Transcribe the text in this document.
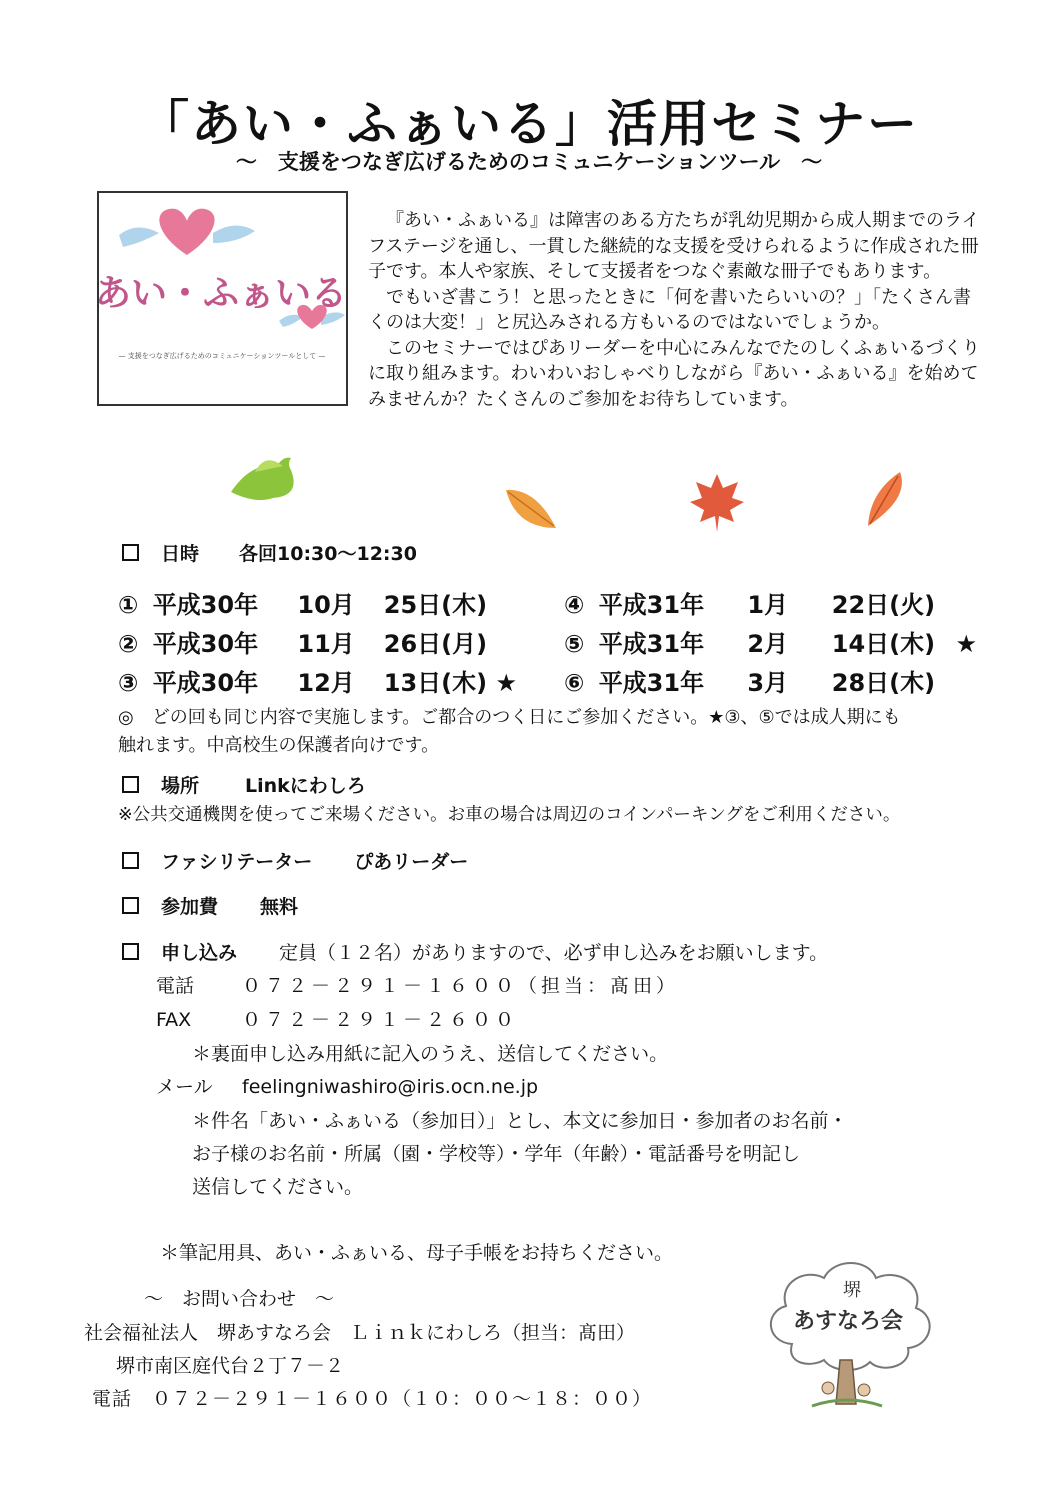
「あい・ふぁいる」活用セミナー
～　支援をつなぎ広げるためのコミュニケーションツール　～
あい・ふぁいる
— 支援をつなぎ広げるためのコミュニケーションツールとして —

『あい・ふぁいる』は障害のある方たちが乳幼児期から成人期までのライフステージを通し、一貫した継続的な支援を受けられるように作成された冊子です。本人や家族、そして支援者をつなぐ素敵な冊子でもあります。

でもいざ書こう！と思ったときに「何を書いたらいいの？」「たくさん書くのは大変！」と尻込みされる方もいるのではないでしょうか。

このセミナーではぴあリーダーを中心にみんなでたのしくふぁいるづくりに取り組みます。わいわいおしゃべりしながら『あい・ふぁいる』を始めてみませんか？たくさんのご参加をお待ちしています。

日時 各回10:30～12:30
① 平成30年 10月 25日(木)
② 平成30年 11月 26日(月)
③ 平成30年 12月 13日(木) ★
④ 平成31年 1月 22日(火)
⑤ 平成31年 2月 14日(木) ★
⑥ 平成31年 3月 28日(木)
◎　どの回も同じ内容で実施します。ご都合のつく日にご参加ください。★③、⑤では成人期にも
触れます。中高校生の保護者向けです。
場所 Linkにわしろ
※公共交通機関を使ってご来場ください。お車の場合は周辺のコインパーキングをご利用ください。
ファシリテーター ぴあリーダー
参加費 無料
申し込み 定員（１２名）がありますので、必ず申し込みをお願いします。
電話	０７２－２９１－１６００（担当：髙田）
FAX	０７２－２９１－２６００
＊裏面申し込み用紙に記入のうえ、送信してください。
メール feelingniwashiro@iris.ocn.ne.jp
＊件名「あい・ふぁいる（参加日）」とし、本文に参加日・参加者のお名前・
お子様のお名前・所属（園・学校等）・学年（年齢）・電話番号を明記し
送信してください。
＊筆記用具、あい・ふぁいる、母子手帳をお持ちください。
～　お問い合わせ　～
社会福祉法人　堺あすなろ会　Ｌｉｎｋにわしろ（担当：髙田）
堺市南区庭代台２丁７－２
電話　０７２－２９１－１６００（１０：００～１８：００）
堺
あすなろ会
